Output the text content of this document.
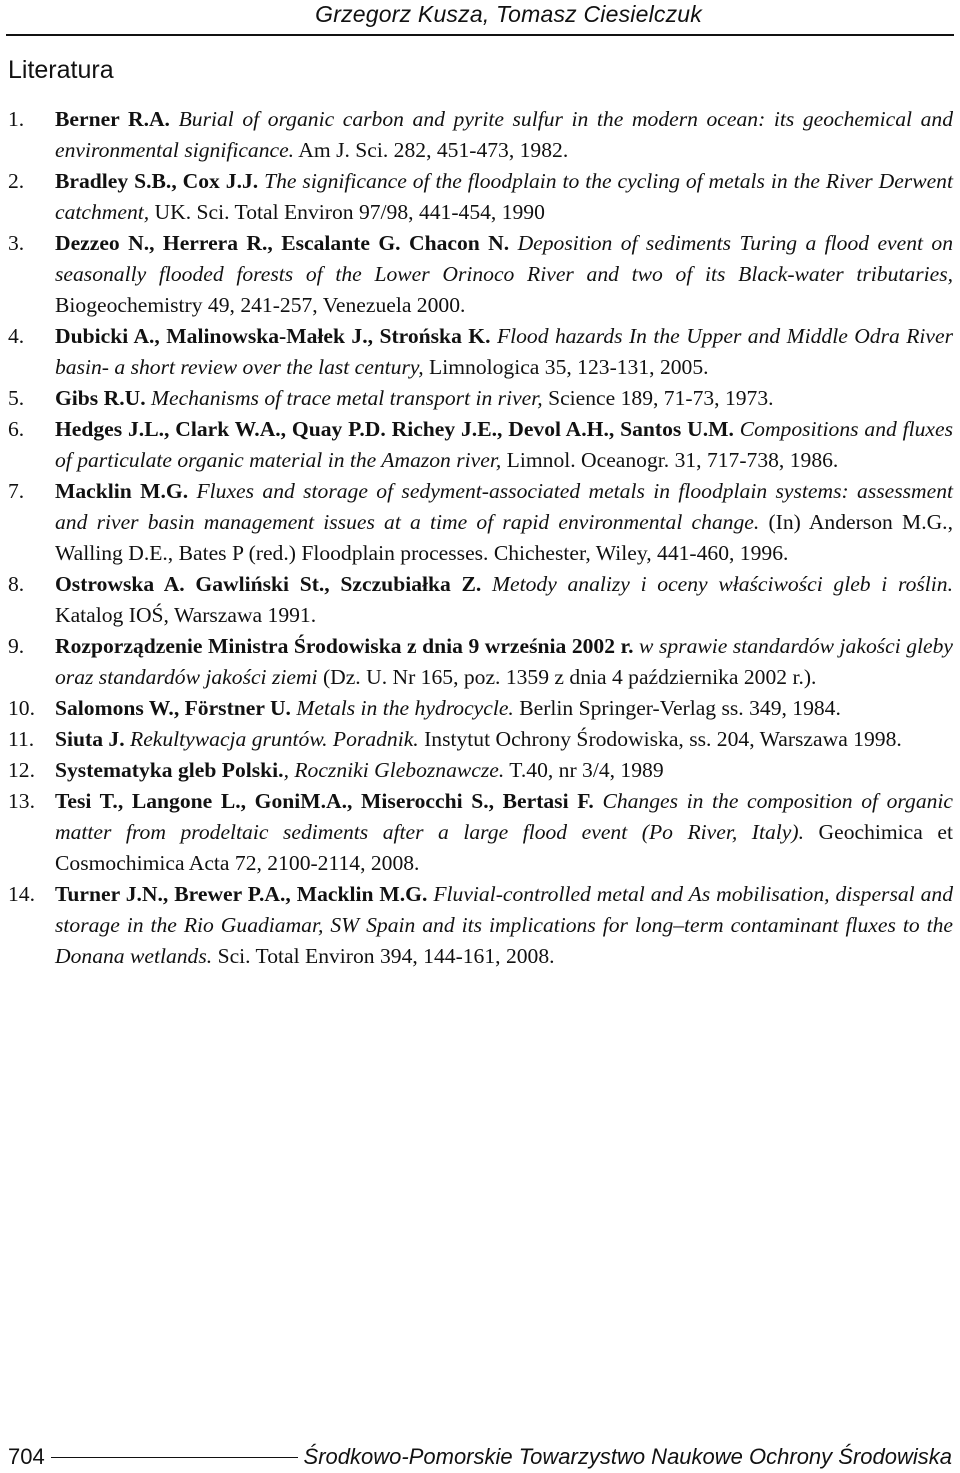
Grzegorz Kusza, Tomasz Ciesielczuk
Literatura
1. Berner R.A. Burial of organic carbon and pyrite sulfur in the modern ocean: its geochemical and environmental significance. Am J. Sci. 282, 451-473, 1982.
2. Bradley S.B., Cox J.J. The significance of the floodplain to the cycling of metals in the River Derwent catchment, UK. Sci. Total Environ 97/98, 441-454, 1990
3. Dezzeo N., Herrera R., Escalante G. Chacon N. Deposition of sediments Turing a flood event on seasonally flooded forests of the Lower Orinoco River and two of its Black-water tributaries, Biogeochemistry 49, 241-257, Venezuela 2000.
4. Dubicki A., Malinowska-Małek J., Strońska K. Flood hazards In the Upper and Middle Odra River basin- a short review over the last century, Limnologica 35, 123-131, 2005.
5. Gibs R.U. Mechanisms of trace metal transport in river, Science 189, 71-73, 1973.
6. Hedges J.L., Clark W.A., Quay P.D. Richey J.E., Devol A.H., Santos U.M. Compositions and fluxes of particulate organic material in the Amazon river, Limnol. Oceanogr. 31, 717-738, 1986.
7. Macklin M.G. Fluxes and storage of sedyment-associated metals in floodplain systems: assessment and river basin management issues at a time of rapid environmental change. (In) Anderson M.G., Walling D.E., Bates P (red.) Floodplain processes. Chichester, Wiley, 441-460, 1996.
8. Ostrowska A. Gawliński St., Szczubiałka Z. Metody analizy i oceny właściwości gleb i roślin. Katalog IOŚ, Warszawa 1991.
9. Rozporządzenie Ministra Środowiska z dnia 9 września 2002 r. w sprawie standardów jakości gleby oraz standardów jakości ziemi (Dz. U. Nr 165, poz. 1359 z dnia 4 października 2002 r.).
10. Salomons W., Förstner U. Metals in the hydrocycle. Berlin Springer-Verlag ss. 349, 1984.
11. Siuta J. Rekultywacja gruntów. Poradnik. Instytut Ochrony Środowiska, ss. 204, Warszawa 1998.
12. Systematyka gleb Polski., Roczniki Gleboznawcze. T.40, nr 3/4, 1989
13. Tesi T., Langone L., GoniM.A., Miserocchi S., Bertasi F. Changes in the composition of organic matter from prodeltaic sediments after a large flood event (Po River, Italy). Geochimica et Cosmochimica Acta 72, 2100-2114, 2008.
14. Turner J.N., Brewer P.A., Macklin M.G. Fluvial-controlled metal and As mobilisation, dispersal and storage in the Rio Guadiamar, SW Spain and its implications for long–term contaminant fluxes to the Donana wetlands. Sci. Total Environ 394, 144-161, 2008.
704	Środkowo-Pomorskie Towarzystwo Naukowe Ochrony Środowiska
